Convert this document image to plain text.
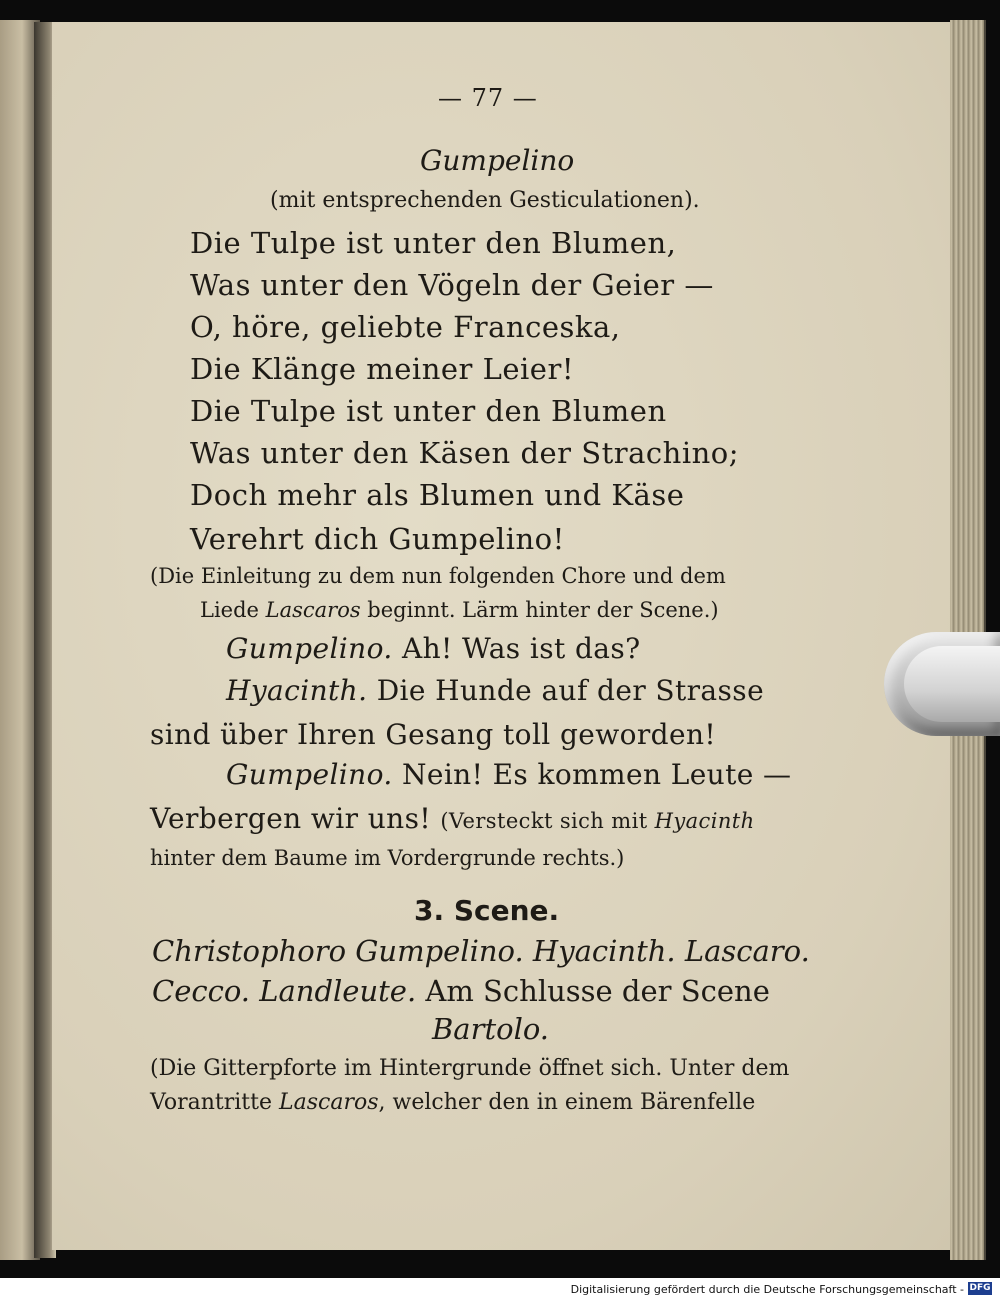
— 77 —

Gumpelino

(mit entsprechenden Gesticulationen).

Die Tulpe ist unter den Blumen,

Was unter den Vögeln der Geier —

O, höre, geliebte Franceska,

Die Klänge meiner Leier!

Die Tulpe ist unter den Blumen

Was unter den Käsen der Strachino;

Doch mehr als Blumen und Käse

Verehrt dich Gumpelino!

(Die Einleitung zu dem nun folgenden Chore und dem

Liede Lascaros beginnt. Lärm hinter der Scene.)

Gumpelino. Ah! Was ist das?

Hyacinth. Die Hunde auf der Strasse

sind über Ihren Gesang toll geworden!

Gumpelino. Nein! Es kommen Leute —

Verbergen wir uns! (Versteckt sich mit Hyacinth

hinter dem Baume im Vordergrunde rechts.)

3. Scene.

Christophoro Gumpelino. Hyacinth. Lascaro.

Cecco. Landleute. Am Schlusse der Scene

Bartolo.

(Die Gitterpforte im Hintergrunde öffnet sich. Unter dem

Vorantritte Lascaros, welcher den in einem Bärenfelle

Digitalisierung gefördert durch die Deutsche Forschungsgemeinschaft - DFG
